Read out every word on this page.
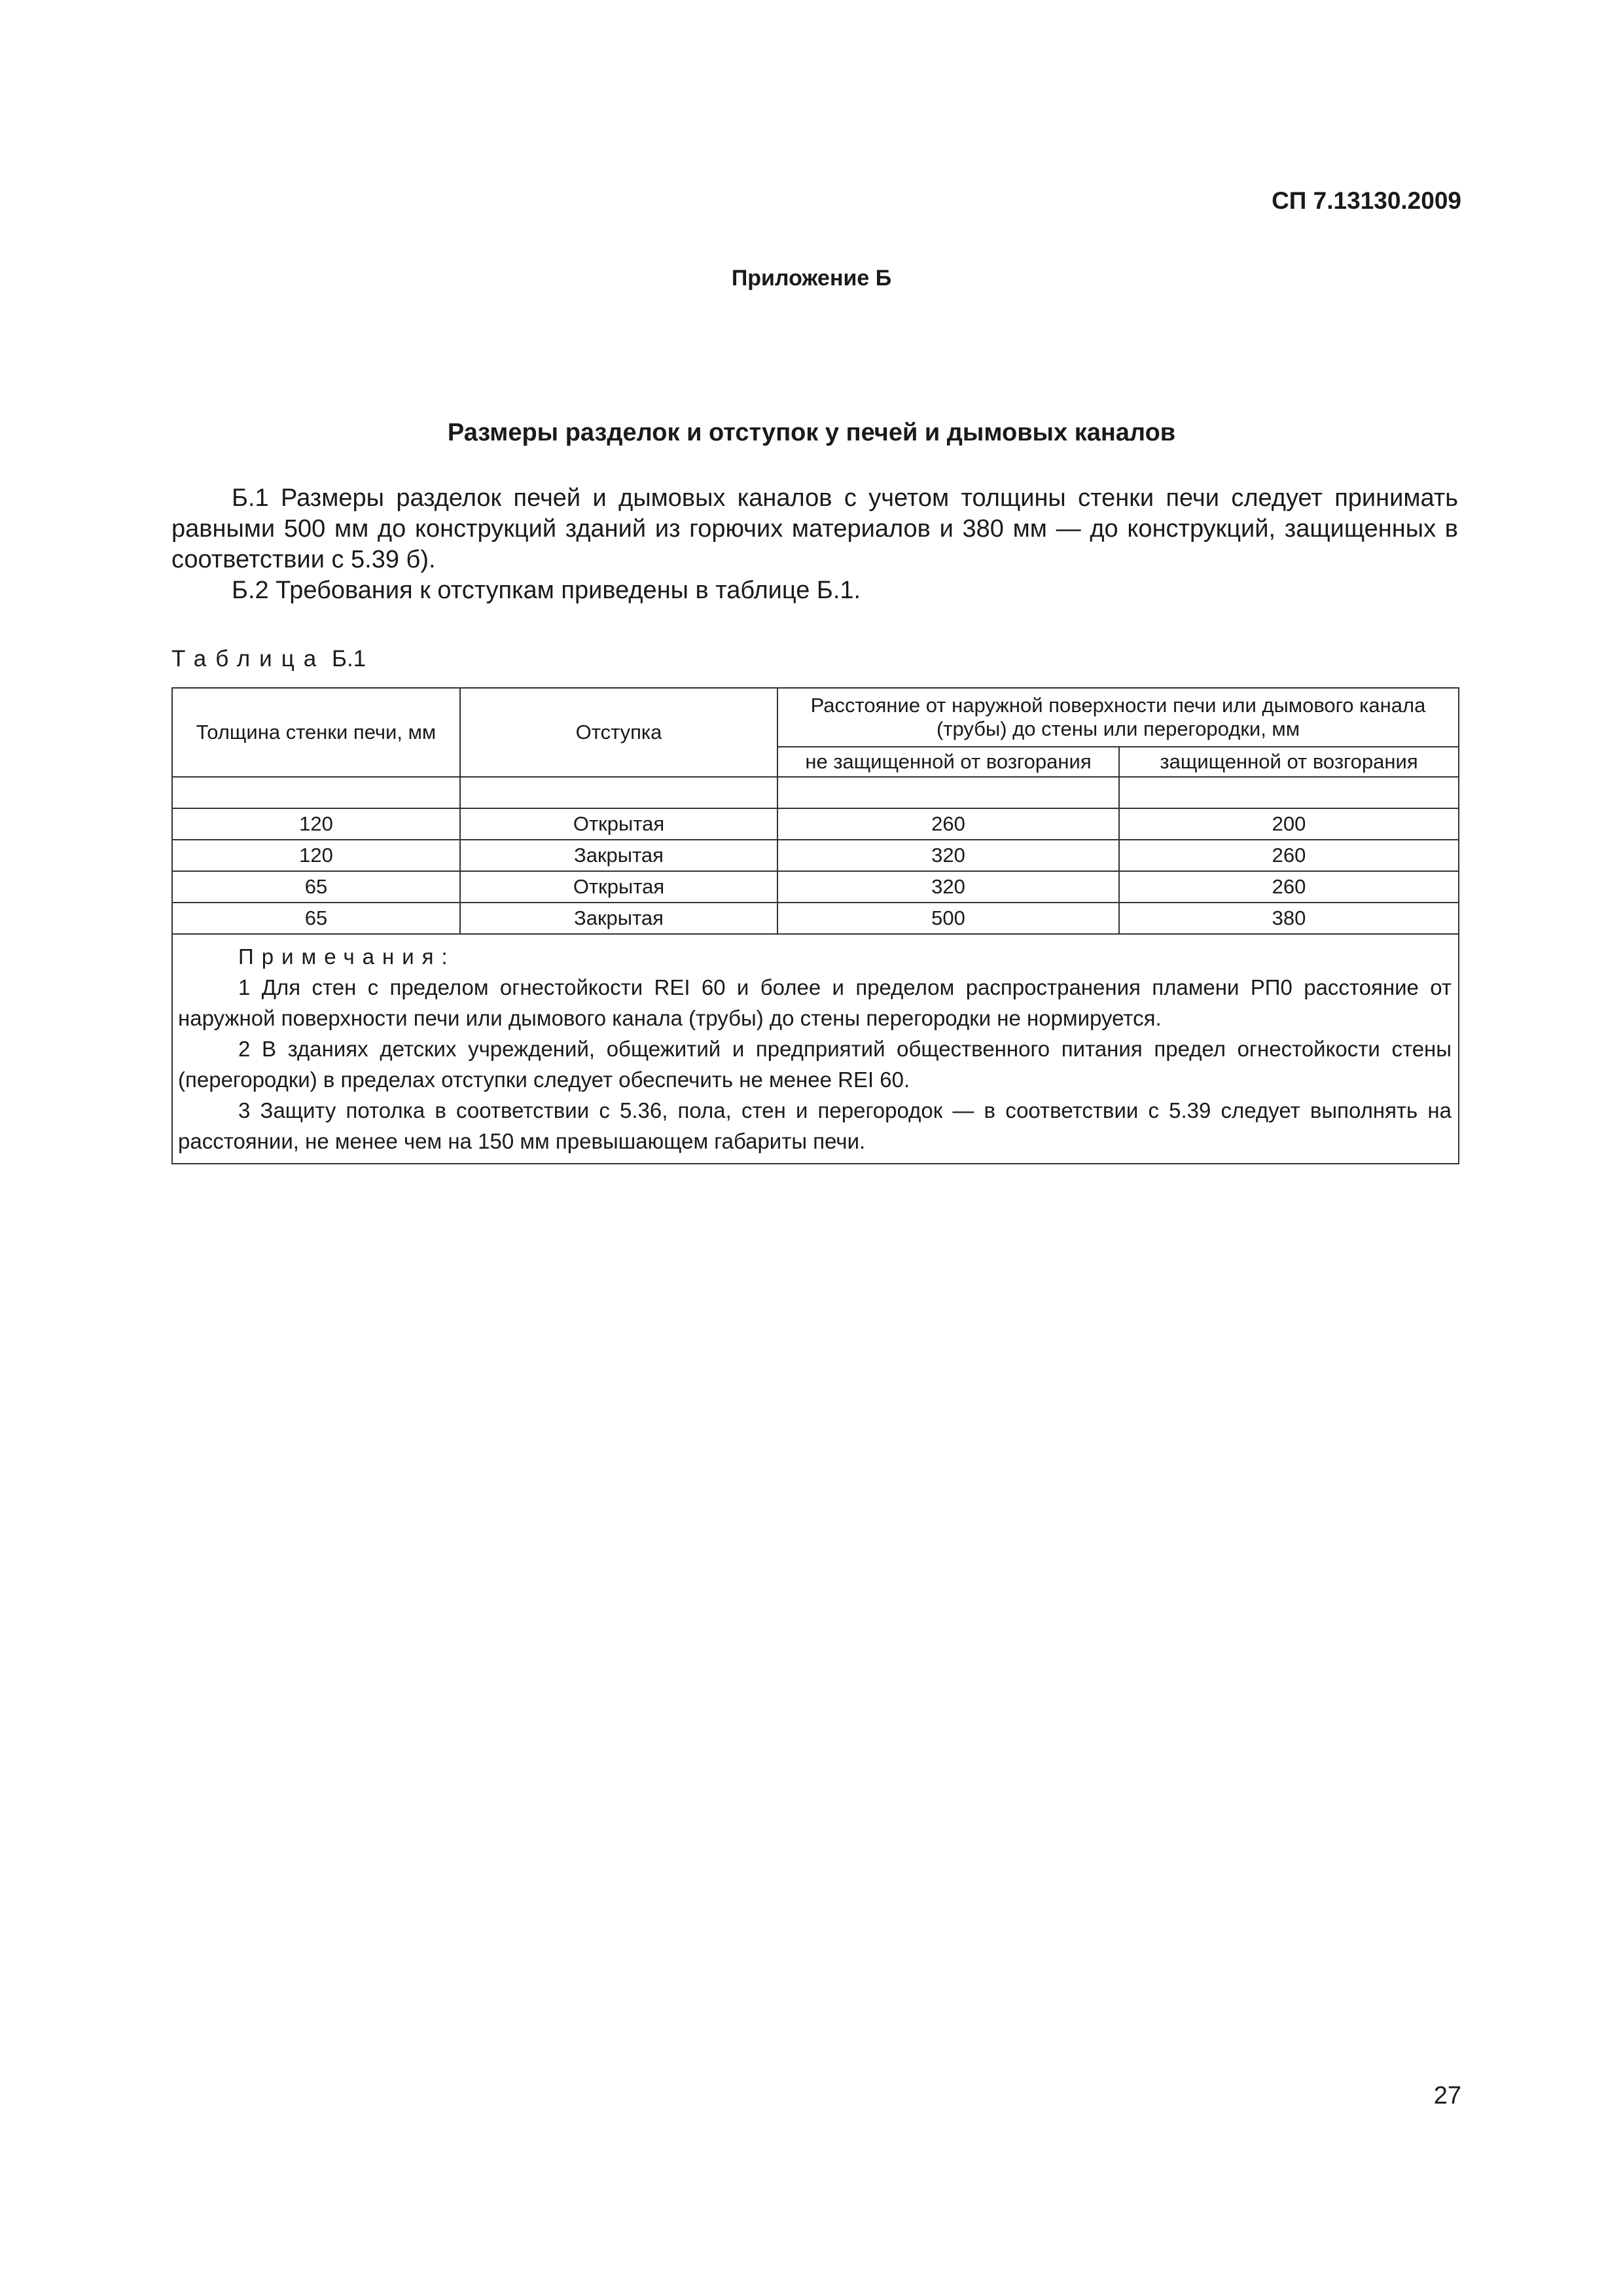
СП 7.13130.2009
Приложение Б
Размеры разделок и отступок у печей и дымовых каналов

Б.1 Размеры разделок печей и дымовых каналов с учетом толщины стенки печи следует принимать равными 500 мм до конструкций зданий из горючих материалов и 380 мм — до конструкций, защищенных в соответствии с 5.39 б).

Б.2 Требования к отступкам приведены в таблице Б.1.

Таблица Б.1
Толщина стенки печи, мм	Отступка	Расстояние от наружной поверхности печи или дымового канала (трубы) до стены или перегородки, мм	
		не защищенной от возгорания	защищенной от возгорания

120	Открытая	260	200
120	Закрытая	320	260
65	Открытая	320	260
65	Закрытая	500	380

Примечания:

1 Для стен с пределом огнестойкости REI 60 и более и пределом распространения пламени РП0 расстояние от наружной поверхности печи или дымового канала (трубы) до стены перегородки не нормируется.

2 В зданиях детских учреждений, общежитий и предприятий общественного питания предел огнестойкости стены (перегородки) в пределах отступки следует обеспечить не менее REI 60.

3 Защиту потолка в соответствии с 5.36, пола, стен и перегородок — в соответствии с 5.39 следует выполнять на расстоянии, не менее чем на 150 мм превышающем габариты печи.			

27
